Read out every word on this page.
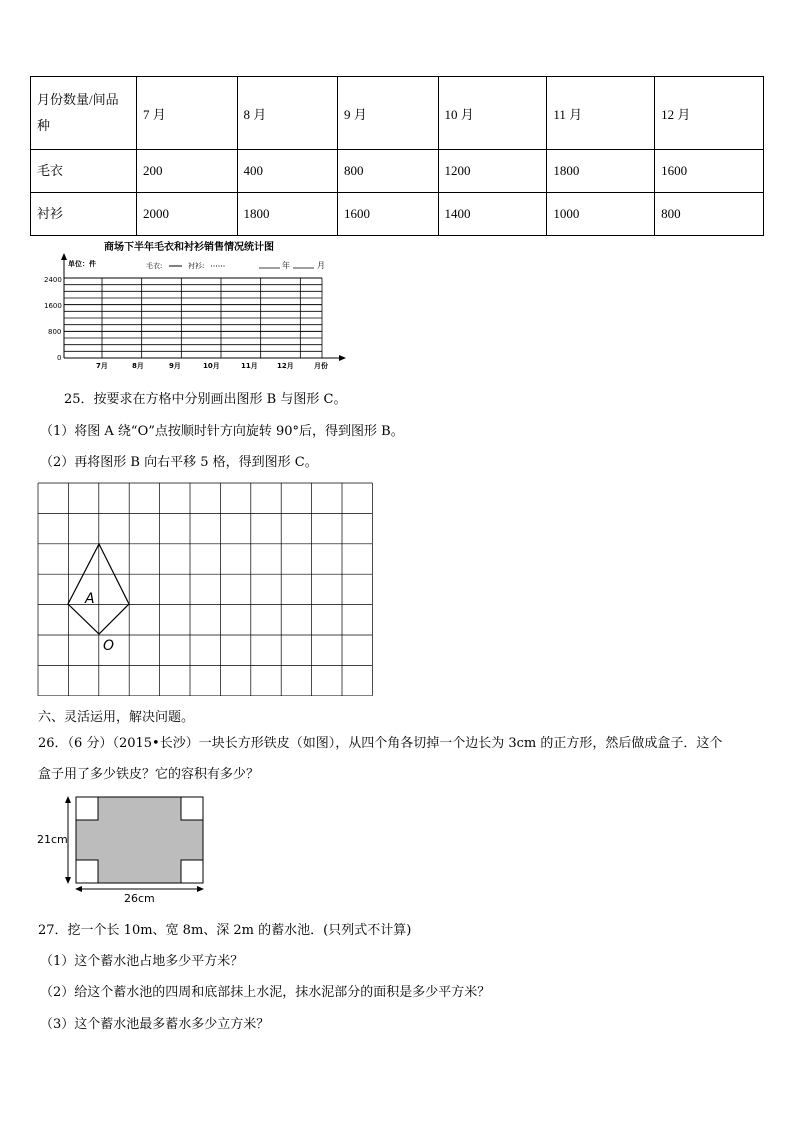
月份数量/间品种	7 月	8 月	9 月	10 月	11 月	12 月
毛衣	200	400	800	1200	1800	1600
衬衫	2000	1800	1600	1400	1000	800
商场下半年毛衣和衬衫销售情况统计图
单位：件	毛衣:	衬衫:	年	月
2400
1600
800
0
7月	8月	9月	10月	11月	12月	月份
25．按要求在方格中分别画出图形 B 与图形 C。
（1）将图 A 绕“O”点按顺时针方向旋转 90°后，得到图形 B。
（2）再将图形 B 向右平移 5 格，得到图形 C。
A
O
六、灵活运用，解决问题。
26．（6 分）（2015•长沙）一块长方形铁皮（如图），从四个角各切掉一个边长为 3cm 的正方形，然后做成盒子．这个
盒子用了多少铁皮？它的容积有多少？
21cm
26cm
27．挖一个长 10m、宽 8m、深 2m 的蓄水池．(只列式不计算)
（1）这个蓄水池占地多少平方米？
（2）给这个蓄水池的四周和底部抹上水泥，抹水泥部分的面积是多少平方米？
（3）这个蓄水池最多蓄水多少立方米？
